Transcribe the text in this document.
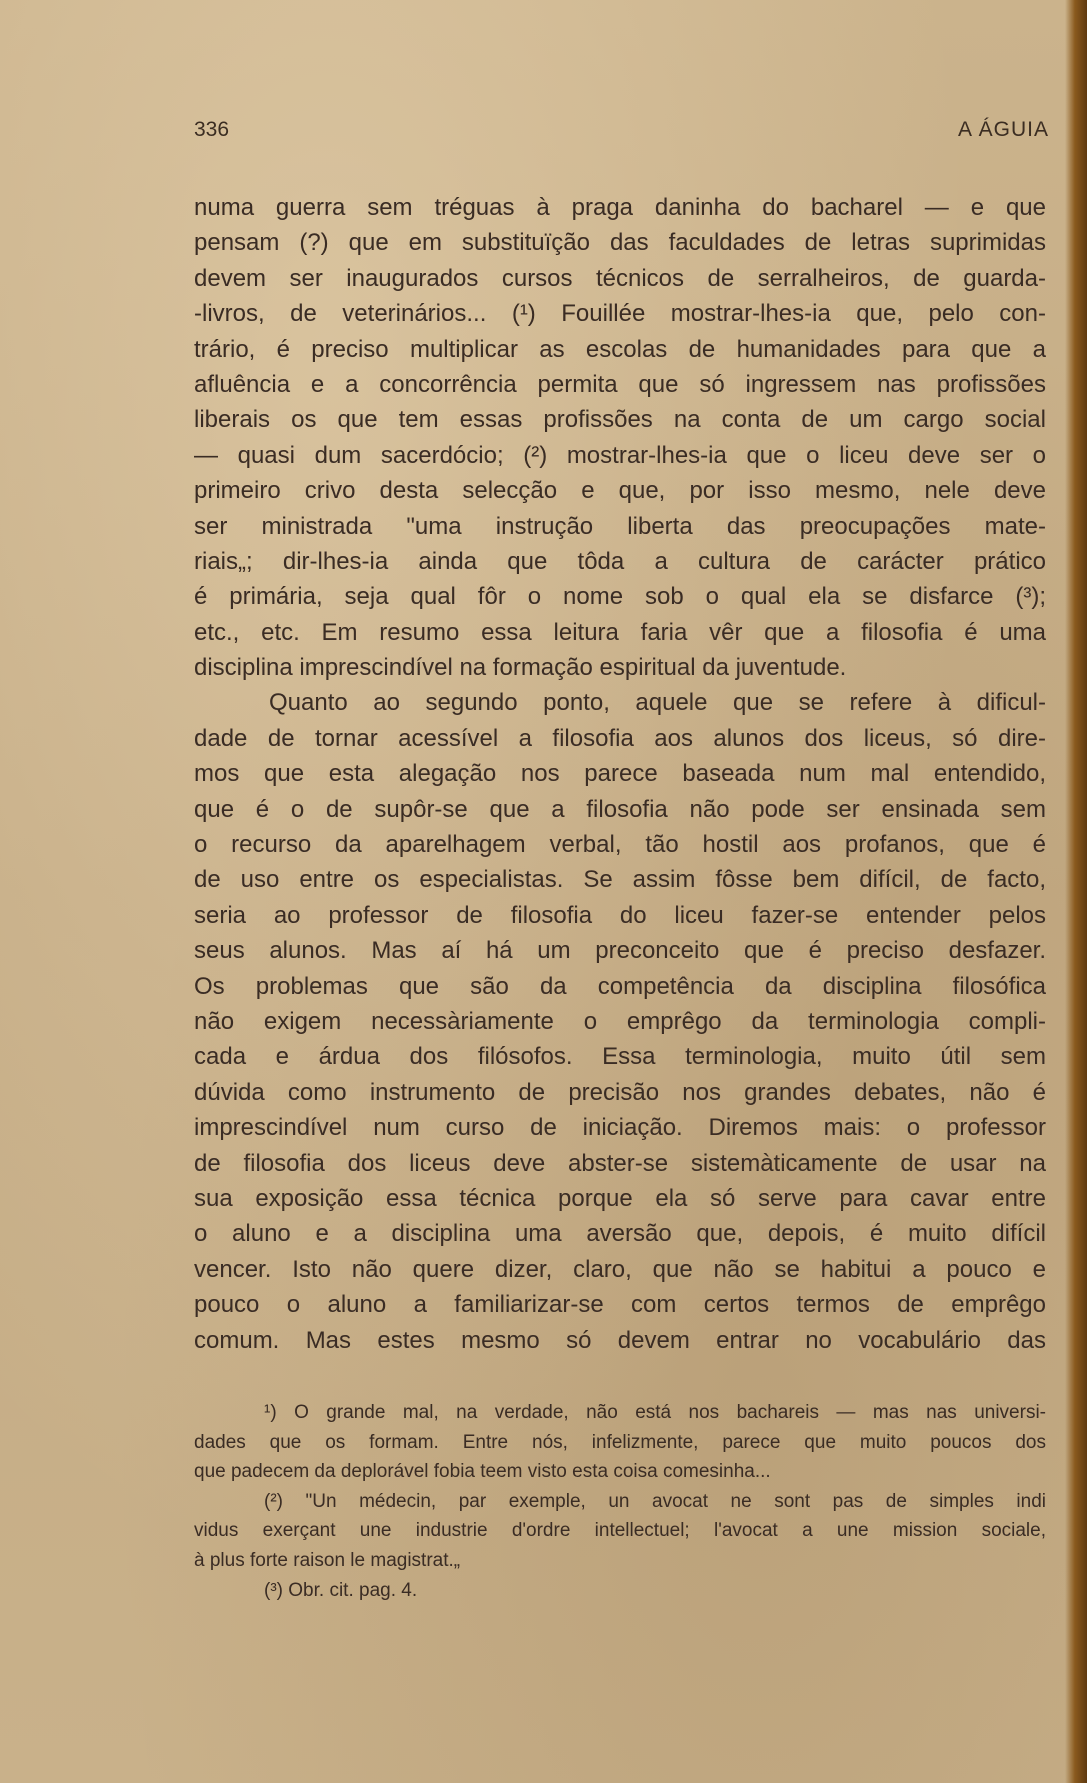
336	A ÁGUIA
numa guerra sem tréguas à praga daninha do bacharel — e que
pensam (?) que em substituïção das faculdades de letras suprimidas
devem ser inaugurados cursos técnicos de serralheiros, de guarda-
-livros, de veterinários... (¹) Fouillée mostrar-lhes-ia que, pelo con-
trário, é preciso multiplicar as escolas de humanidades para que a
afluência e a concorrência permita que só ingressem nas profissões
liberais os que tem essas profissões na conta de um cargo social
— quasi dum sacerdócio; (²) mostrar-lhes-ia que o liceu deve ser o
primeiro crivo desta selecção e que, por isso mesmo, nele deve
ser ministrada "uma instrução liberta das preocupações mate-
riais„; dir-lhes-ia ainda que tôda a cultura de carácter prático
é primária, seja qual fôr o nome sob o qual ela se disfarce (³);
etc., etc. Em resumo essa leitura faria vêr que a filosofia é uma
disciplina imprescindível na formação espiritual da juventude.
Quanto ao segundo ponto, aquele que se refere à dificul-
dade de tornar acessível a filosofia aos alunos dos liceus, só dire-
mos que esta alegação nos parece baseada num mal entendido,
que é o de supôr-se que a filosofia não pode ser ensinada sem
o recurso da aparelhagem verbal, tão hostil aos profanos, que é
de uso entre os especialistas. Se assim fôsse bem difícil, de facto,
seria ao professor de filosofia do liceu fazer-se entender pelos
seus alunos. Mas aí há um preconceito que é preciso desfazer.
Os problemas que são da competência da disciplina filosófica
não exigem necessàriamente o emprêgo da terminologia compli-
cada e árdua dos filósofos. Essa terminologia, muito útil sem
dúvida como instrumento de precisão nos grandes debates, não é
imprescindível num curso de iniciação. Diremos mais: o professor
de filosofia dos liceus deve abster-se sistemàticamente de usar na
sua exposição essa técnica porque ela só serve para cavar entre
o aluno e a disciplina uma aversão que, depois, é muito difícil
vencer. Isto não quere dizer, claro, que não se habitui a pouco e
pouco o aluno a familiarizar-se com certos termos de emprêgo
comum. Mas estes mesmo só devem entrar no vocabulário das
¹) O grande mal, na verdade, não está nos bachareis — mas nas universi-
dades que os formam. Entre nós, infelizmente, parece que muito poucos dos
que padecem da deplorável fobia teem visto esta coisa comesinha...
(²) "Un médecin, par exemple, un avocat ne sont pas de simples indi
vidus exerçant une industrie d'ordre intellectuel; l'avocat a une mission sociale,
à plus forte raison le magistrat.„
(³) Obr. cit. pag. 4.
